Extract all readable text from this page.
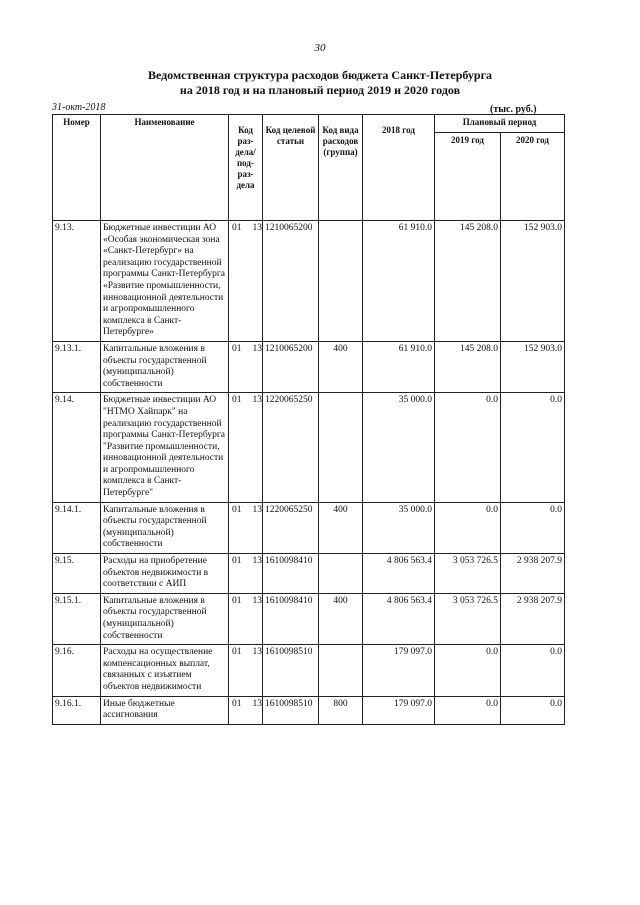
30
Ведомственная структура расходов бюджета Санкт-Петербурга
на 2018 год и на плановый период 2019 и 2020 годов
31-окт-2018	(тыс. руб.)
Номер	Наименование	Код раз- дела/ под- раз- дела	Код целевой статьи	Код вида расходов (группа)	2018 год	Плановый период	
						2019 год	2020 год
9.13.	Бюджетные инвестиции АО «Особая экономическая зона «Санкт-Петербург» на реализацию государственной программы Санкт-Петербурга «Развитие промышленности, инновационной деятельности и агропромышленного комплекса в Санкт-Петербурге»	01 13	1210065200		61 910.0	145 208.0	152 903.0
9.13.1.	Капитальные вложения в объекты государственной (муниципальной) собственности	01 13	1210065200	400	61 910.0	145 208.0	152 903.0
9.14.	Бюджетные инвестиции АО "НТМО Хайпарк" на реализацию государственной программы Санкт-Петербурга "Развитие промышленности, инновационной деятельности и агропромышленного комплекса в Санкт-Петербурге"	01 13	1220065250		35 000.0	0.0	0.0
9.14.1.	Капитальные вложения в объекты государственной (муниципальной) собственности	01 13	1220065250	400	35 000.0	0.0	0.0
9.15.	Расходы на приобретение объектов недвижимости в соответствии с АИП	01 13	1610098410		4 806 563.4	3 053 726.5	2 938 207.9
9.15.1.	Капитальные вложения в объекты государственной (муниципальной) собственности	01 13	1610098410	400	4 806 563.4	3 053 726.5	2 938 207.9
9.16.	Расходы на осуществление компенсационных выплат, связанных с изъятием объектов недвижимости	01 13	1610098510		179 097.0	0.0	0.0
9.16.1.	Иные бюджетные ассигнования	01 13	1610098510	800	179 097.0	0.0	0.0
